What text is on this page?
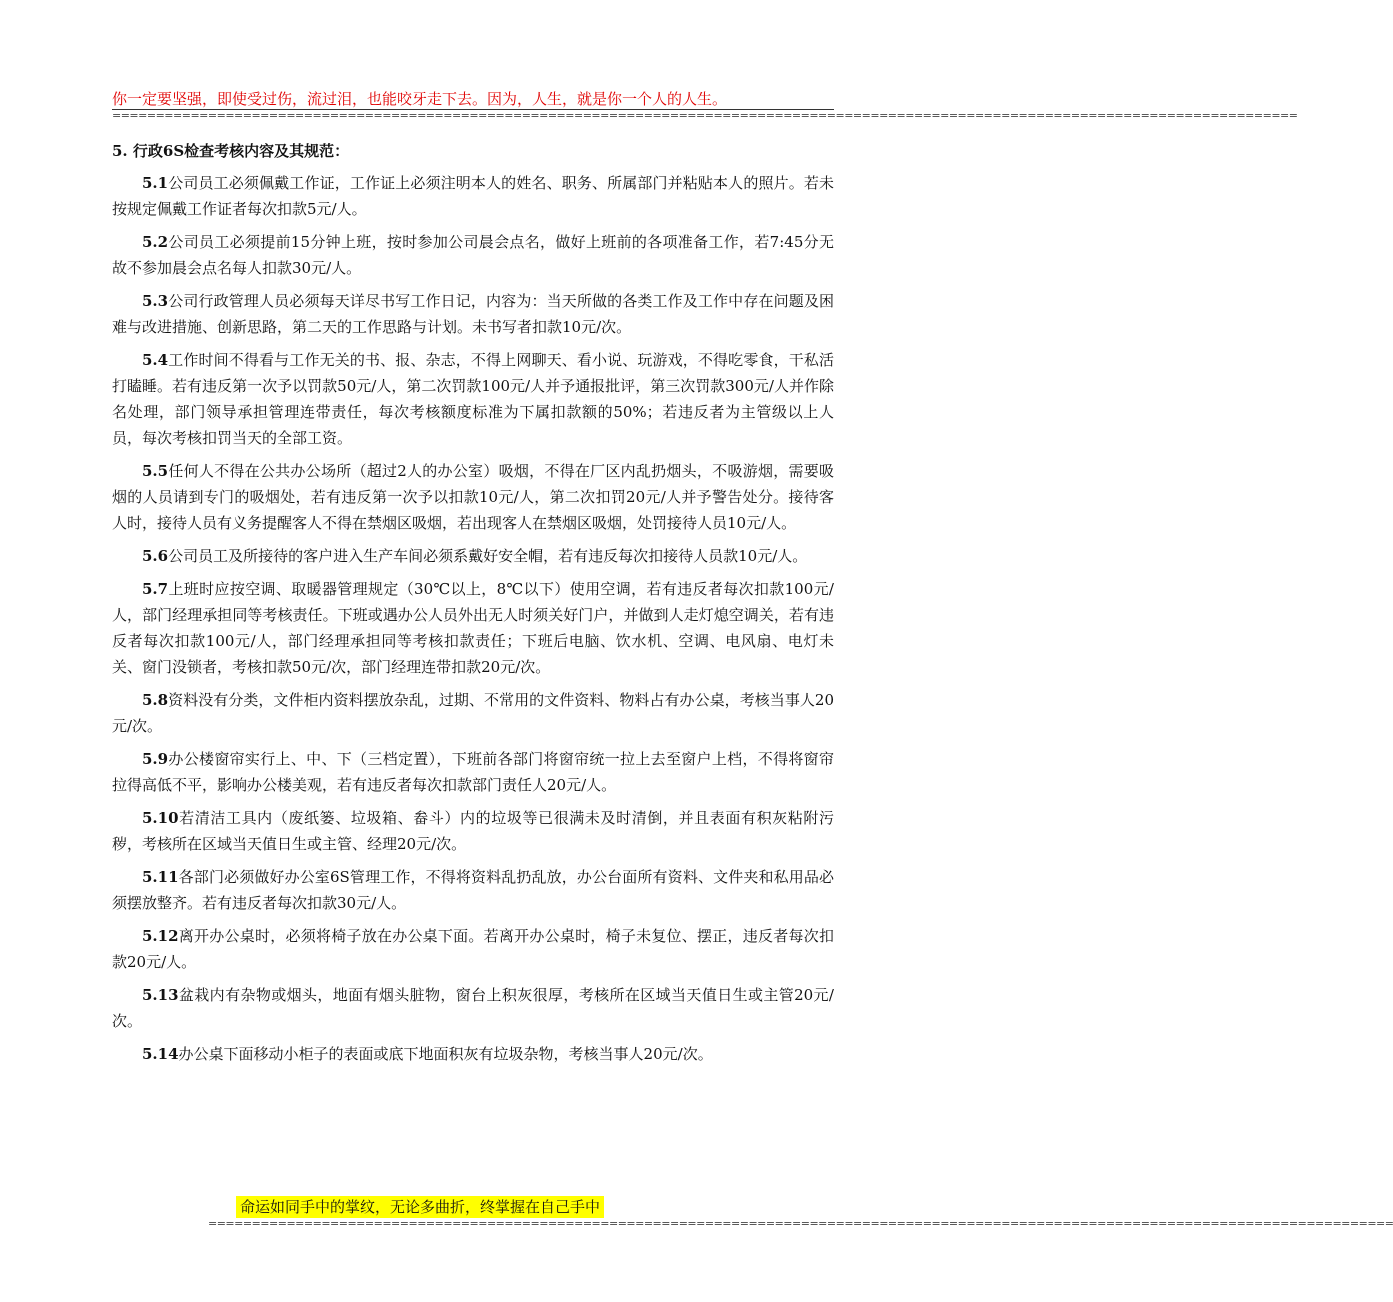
你一定要坚强，即使受过伤，流过泪，也能咬牙走下去。因为，人生，就是你一个人的人生。
========================================================================================================================================
5. 行政6S检查考核内容及其规范：

5.1公司员工必须佩戴工作证，工作证上必须注明本人的姓名、职务、所属部门并粘贴本人的照片。若未按规定佩戴工作证者每次扣款5元/人。

5.2公司员工必须提前15分钟上班，按时参加公司晨会点名，做好上班前的各项准备工作，若7:45分无故不参加晨会点名每人扣款30元/人。

5.3公司行政管理人员必须每天详尽书写工作日记，内容为：当天所做的各类工作及工作中存在问题及困难与改进措施、创新思路，第二天的工作思路与计划。未书写者扣款10元/次。

5.4工作时间不得看与工作无关的书、报、杂志，不得上网聊天、看小说、玩游戏，不得吃零食，干私活打瞌睡。若有违反第一次予以罚款50元/人，第二次罚款100元/人并予通报批评，第三次罚款300元/人并作除名处理，部门领导承担管理连带责任，每次考核额度标准为下属扣款额的50%；若违反者为主管级以上人员，每次考核扣罚当天的全部工资。

5.5任何人不得在公共办公场所（超过2人的办公室）吸烟，不得在厂区内乱扔烟头，不吸游烟，需要吸烟的人员请到专门的吸烟处，若有违反第一次予以扣款10元/人，第二次扣罚20元/人并予警告处分。接待客人时，接待人员有义务提醒客人不得在禁烟区吸烟，若出现客人在禁烟区吸烟，处罚接待人员10元/人。

5.6公司员工及所接待的客户进入生产车间必须系戴好安全帽，若有违反每次扣接待人员款10元/人。

5.7上班时应按空调、取暖器管理规定（30℃以上，8℃以下）使用空调，若有违反者每次扣款100元/人，部门经理承担同等考核责任。下班或遇办公人员外出无人时须关好门户，并做到人走灯熄空调关，若有违反者每次扣款100元/人，部门经理承担同等考核扣款责任；下班后电脑、饮水机、空调、电风扇、电灯未关、窗门没锁者，考核扣款50元/次，部门经理连带扣款20元/次。

5.8资料没有分类，文件柜内资料摆放杂乱，过期、不常用的文件资料、物料占有办公桌，考核当事人20元/次。

5.9办公楼窗帘实行上、中、下（三档定置），下班前各部门将窗帘统一拉上去至窗户上档，不得将窗帘拉得高低不平，影响办公楼美观，若有违反者每次扣款部门责任人20元/人。

5.10若清洁工具内（废纸篓、垃圾箱、畚斗）内的垃圾等已很满未及时清倒，并且表面有积灰粘附污秽，考核所在区域当天值日生或主管、经理20元/次。

5.11各部门必须做好办公室6S管理工作，不得将资料乱扔乱放，办公台面所有资料、文件夹和私用品必须摆放整齐。若有违反者每次扣款30元/人。

5.12离开办公桌时，必须将椅子放在办公桌下面。若离开办公桌时，椅子未复位、摆正，违反者每次扣款20元/人。

5.13盆栽内有杂物或烟头，地面有烟头脏物，窗台上积灰很厚，考核所在区域当天值日生或主管20元/次。

5.14办公桌下面移动小柜子的表面或底下地面积灰有垃圾杂物，考核当事人20元/次。

命运如同手中的掌纹，无论多曲折，终掌握在自己手中
========================================================================================================================================
